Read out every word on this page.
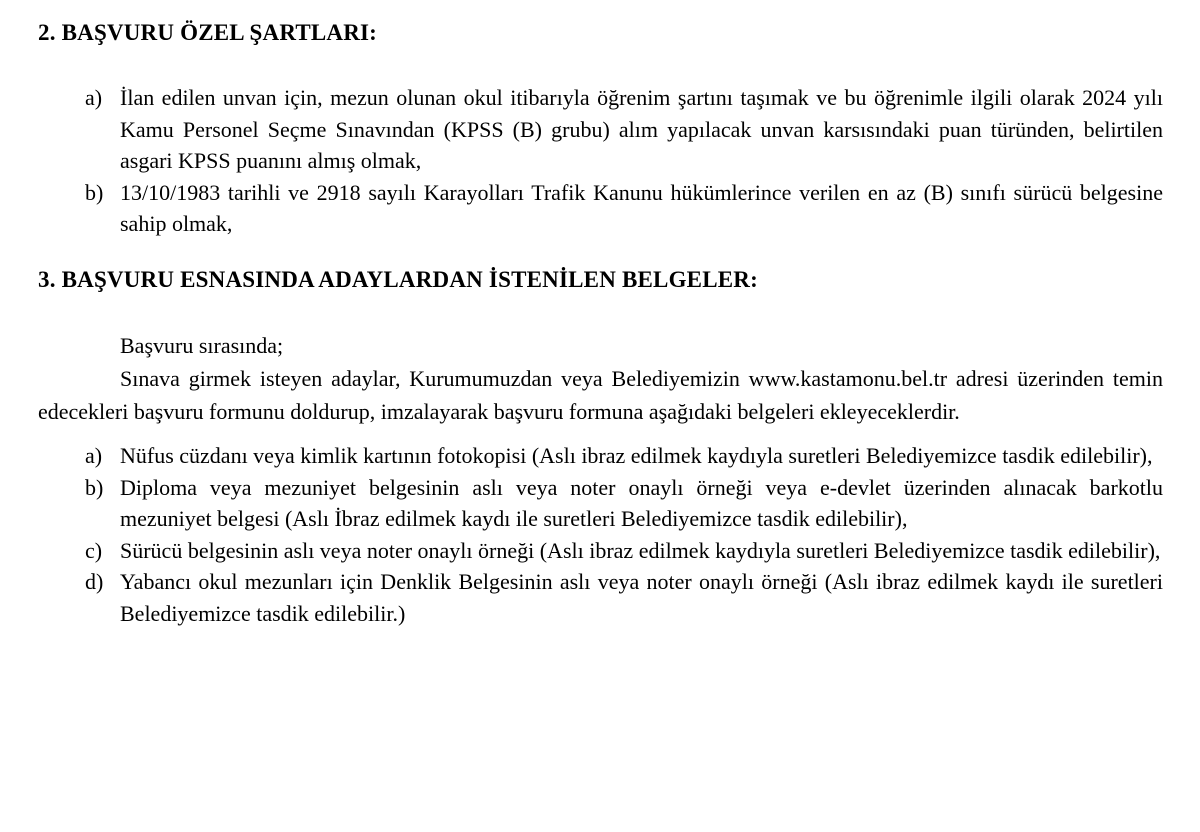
2. BAŞVURU ÖZEL ŞARTLARI:
a) İlan edilen unvan için, mezun olunan okul itibarıyla öğrenim şartını taşımak ve bu öğrenimle ilgili olarak 2024 yılı Kamu Personel Seçme Sınavından (KPSS (B) grubu) alım yapılacak unvan karsısındaki puan türünden, belirtilen asgari KPSS puanını almış olmak,
b) 13/10/1983 tarihli ve 2918 sayılı Karayolları Trafik Kanunu hükümlerince verilen en az (B) sınıfı sürücü belgesine sahip olmak,
3. BAŞVURU ESNASINDA ADAYLARDAN İSTENİLEN BELGELER:

Başvuru sırasında;

Sınava girmek isteyen adaylar, Kurumumuzdan veya Belediyemizin www.kastamonu.bel.tr adresi üzerinden temin edecekleri başvuru formunu doldurup, imzalayarak başvuru formuna aşağıdaki belgeleri ekleyeceklerdir.

a) Nüfus cüzdanı veya kimlik kartının fotokopisi (Aslı ibraz edilmek kaydıyla suretleri Belediyemizce tasdik edilebilir),
b) Diploma veya mezuniyet belgesinin aslı veya noter onaylı örneği veya e-devlet üzerinden alınacak barkotlu mezuniyet belgesi (Aslı İbraz edilmek kaydı ile suretleri Belediyemizce tasdik edilebilir),
c) Sürücü belgesinin aslı veya noter onaylı örneği (Aslı ibraz edilmek kaydıyla suretleri Belediyemizce tasdik edilebilir),
d) Yabancı okul mezunları için Denklik Belgesinin aslı veya noter onaylı örneği (Aslı ibraz edilmek kaydı ile suretleri Belediyemizce tasdik edilebilir.)
